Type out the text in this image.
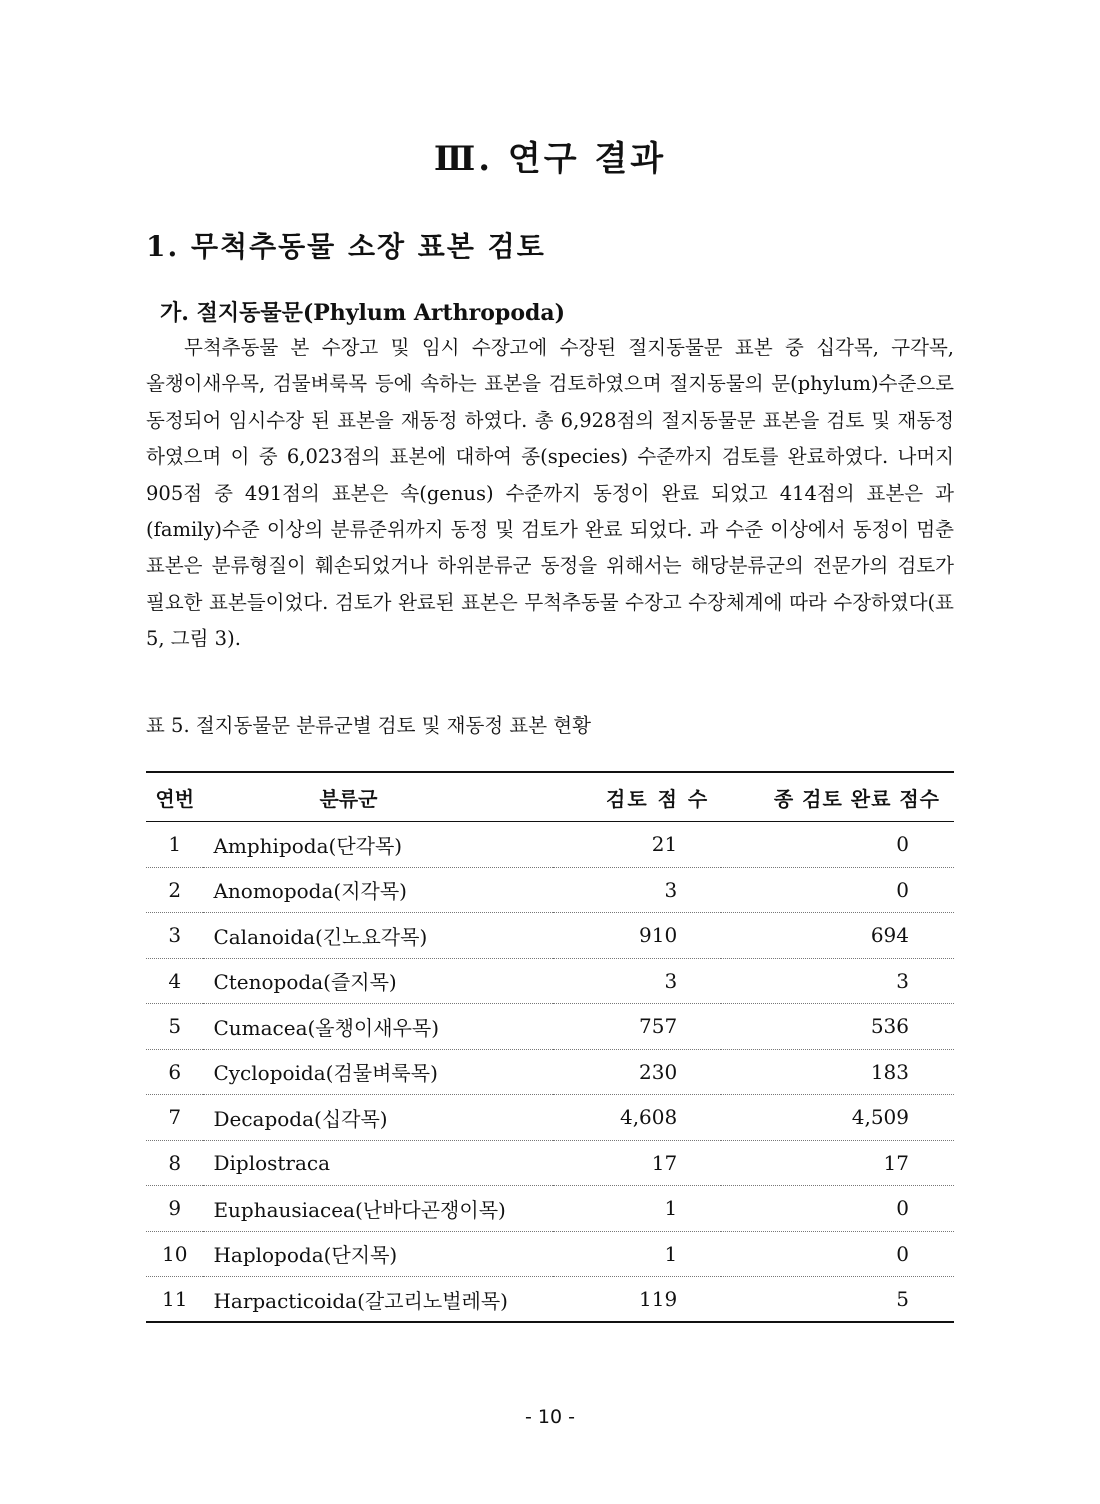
Ⅲ. 연구 결과
1. 무척추동물 소장 표본 검토
가. 절지동물문(Phylum Arthropoda)

무척추동물 본 수장고 및 임시 수장고에 수장된 절지동물문 표본 중 십각목, 구각목, 올챙이새우목, 검물벼룩목 등에 속하는 표본을 검토하였으며 절지동물의 문(phylum)수준으로 동정되어 임시수장 된 표본을 재동정 하였다. 총 6,928점의 절지동물문 표본을 검토 및 재동정 하였으며 이 중 6,023점의 표본에 대하여 종(species) 수준까지 검토를 완료하였다. 나머지 905점 중 491점의 표본은 속(genus) 수준까지 동정이 완료 되었고 414점의 표본은 과(family)수준 이상의 분류준위까지 동정 및 검토가 완료 되었다. 과 수준 이상에서 동정이 멈춘 표본은 분류형질이 훼손되었거나 하위분류군 동정을 위해서는 해당분류군의 전문가의 검토가 필요한 표본들이었다. 검토가 완료된 표본은 무척추동물 수장고 수장체계에 따라 수장하였다(표 5, 그림 3).

표 5. 절지동물문 분류군별 검토 및 재동정 표본 현황
연번	분류군	검토 점 수	종 검토 완료 점수
1	Amphipoda(단각목)	21	0
2	Anomopoda(지각목)	3	0
3	Calanoida(긴노요각목)	910	694
4	Ctenopoda(즐지목)	3	3
5	Cumacea(올챙이새우목)	757	536
6	Cyclopoida(검물벼룩목)	230	183
7	Decapoda(십각목)	4,608	4,509
8	Diplostraca	17	17
9	Euphausiacea(난바다곤쟁이목)	1	0
10	Haplopoda(단지목)	1	0
11	Harpacticoida(갈고리노벌레목)	119	5
- 10 -
